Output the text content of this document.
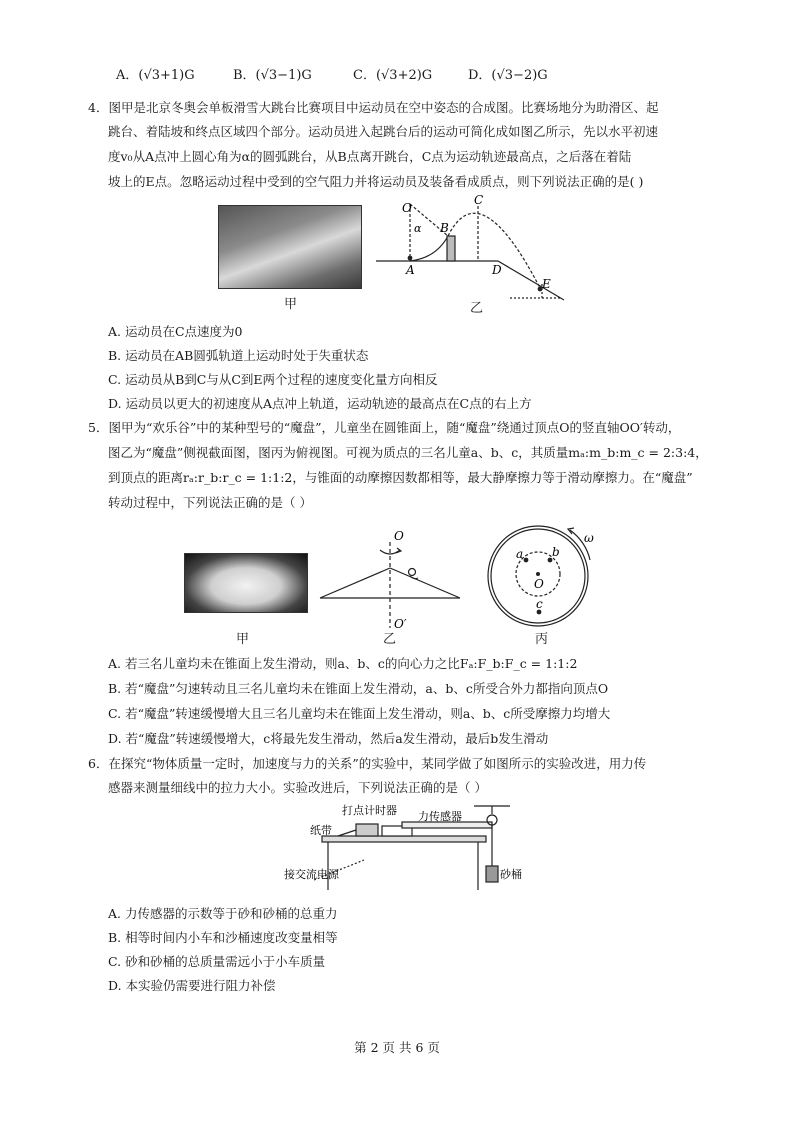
A．(√3+1)G	B．(√3−1)G	C．(√3+2)G	D．(√3−2)G
4．图甲是北京冬奥会单板滑雪大跳台比赛项目中运动员在空中姿态的合成图。比赛场地分为助滑区、起
跳台、着陆坡和终点区域四个部分。运动员进入起跳台后的运动可简化成如图乙所示，先以水平初速
度v₀从A点冲上圆心角为α的圆弧跳台，从B点离开跳台，C点为运动轨迹最高点，之后落在着陆
坡上的E点。忽略运动过程中受到的空气阻力并将运动员及装备看成质点，则下列说法正确的是( )
甲
O
α
A
B
C
D
E
乙
A. 运动员在C点速度为0
B. 运动员在AB圆弧轨道上运动时处于失重状态
C. 运动员从B到C与从C到E两个过程的速度变化量方向相反
D. 运动员以更大的初速度从A点冲上轨道，运动轨迹的最高点在C点的右上方
5．图甲为“欢乐谷”中的某种型号的“魔盘”，儿童坐在圆锥面上，随“魔盘”绕通过顶点O的竖直轴OO′转动，
图乙为“魔盘”侧视截面图，图丙为俯视图。可视为质点的三名儿童a、b、c，其质量mₐ:m_b:m_c = 2:3:4，
到顶点的距离rₐ:r_b:r_c = 1:1:2，与锥面的动摩擦因数都相等，最大静摩擦力等于滑动摩擦力。在“魔盘”
转动过程中，下列说法正确的是（ ）
甲
O
O′
乙
a b
O
c
ω
丙
A. 若三名儿童均未在锥面上发生滑动，则a、b、c的向心力之比Fₐ:F_b:F_c = 1:1:2
B. 若“魔盘”匀速转动且三名儿童均未在锥面上发生滑动，a、b、c所受合外力都指向顶点O
C. 若“魔盘”转速缓慢增大且三名儿童均未在锥面上发生滑动，则a、b、c所受摩擦力均增大
D. 若“魔盘”转速缓慢增大，c将最先发生滑动，然后a发生滑动，最后b发生滑动
6．在探究“物体质量一定时，加速度与力的关系”的实验中，某同学做了如图所示的实验改进，用力传
感器来测量细线中的拉力大小。实验改进后，下列说法正确的是（ ）
打点计时器 力传感器
纸带
接交流电源	砂桶
A. 力传感器的示数等于砂和砂桶的总重力
B. 相等时间内小车和沙桶速度改变量相等
C. 砂和砂桶的总质量需远小于小车质量
D. 本实验仍需要进行阻力补偿
第 2 页 共 6 页
